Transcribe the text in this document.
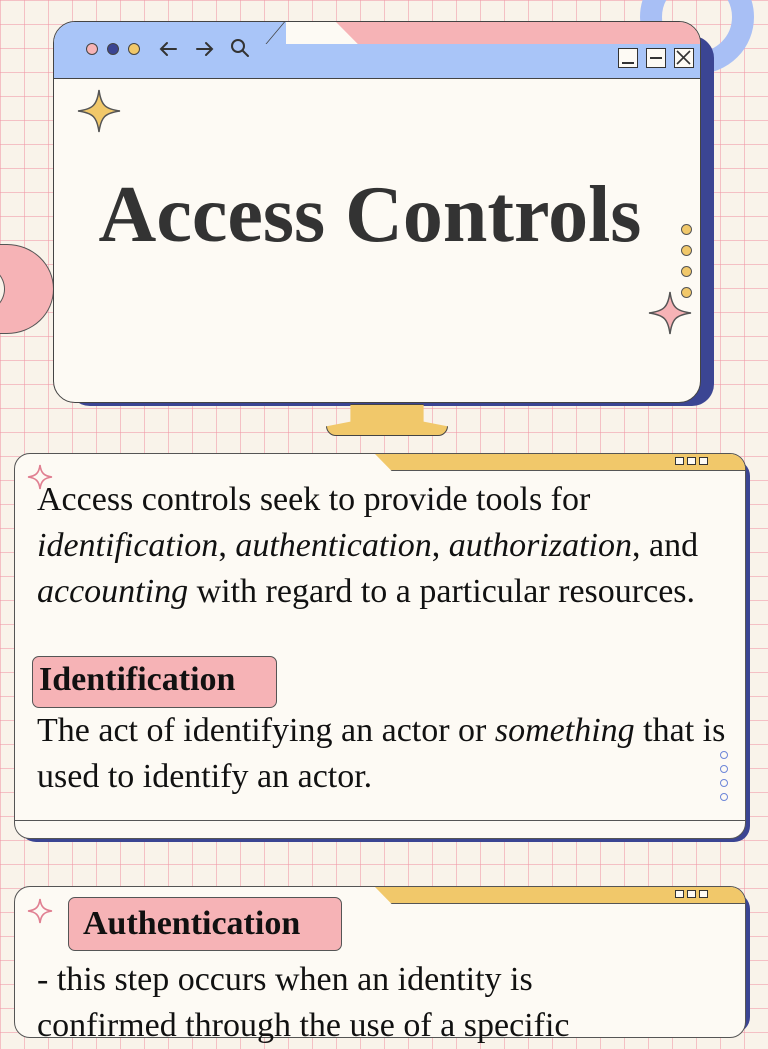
Access Controls
Access controls seek to provide tools for identification, authentication, authorization, and accounting with regard to a particular resources.
Identification
The act of identifying an actor or something that is used to identify an actor.
Authentication
- this step occurs when an identity is
confirmed through the use of a specific
